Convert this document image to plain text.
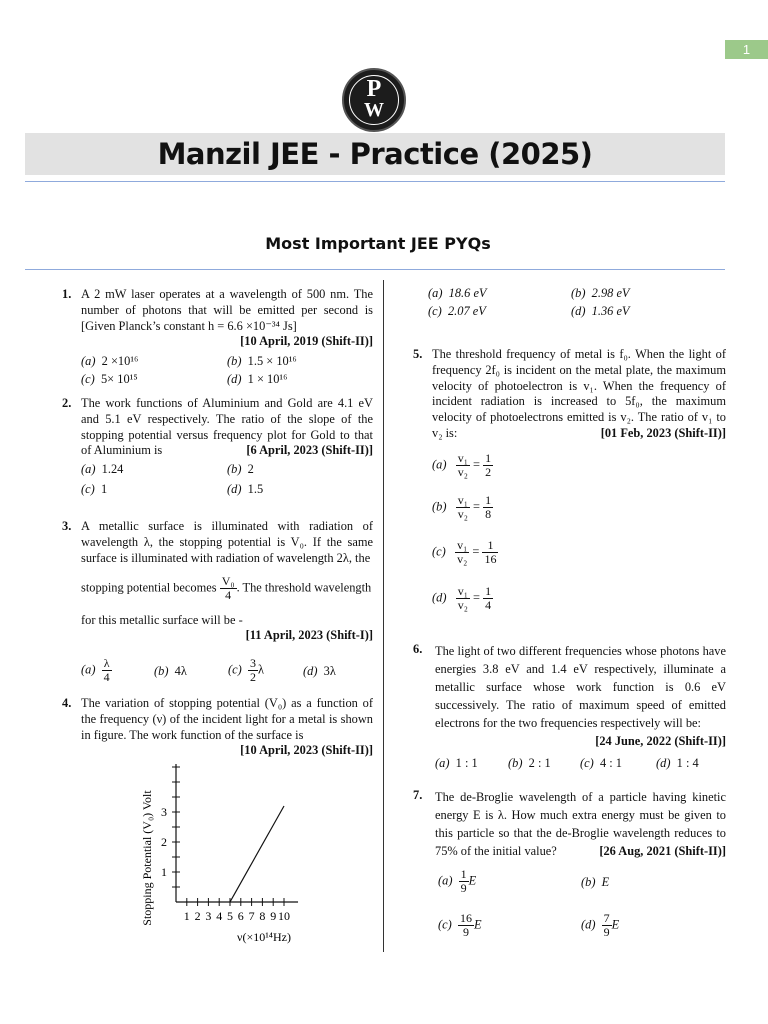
1
P
W
Manzil JEE - Practice (2025)
Most Important JEE PYQs
1. A 2 mW laser operates at a wavelength of 500 nm. The number of photons that will be emitted per second is [Given Planck’s constant h = 6.6 ×10⁻³⁴ Js]
[10 April, 2019 (Shift-II)]
(a) 2 ×10¹⁶	(b) 1.5 × 10¹⁶
(c) 5× 10¹⁵	(d) 1 × 10¹⁶
2. The work functions of Aluminium and Gold are 4.1 eV and 5.1 eV respectively. The ratio of the slope of the stopping potential versus frequency plot for Gold to that of Aluminium is	[6 April, 2023 (Shift-II)]
(a) 1.24	(b) 2
(c) 1	(d) 1.5
3. A metallic surface is illuminated with radiation of wavelength λ, the stopping potential is V₀. If the same surface is illuminated with radiation of wavelength 2λ, the
stopping potential becomes $\frac{\text{V₀}}{4}$ . The threshold wavelength
for this metallic surface will be -
[11 April, 2023 (Shift-I)]
$(a) \frac{\lambda}{4}$	(b) 4λ	$(c) \frac{3}{2}$ λ	(d) 3λ
4. The variation of stopping potential (V₀) as a function of the frequency (ν) of the incident light for a metal is shown in figure. The work function of the surface is
[10 April, 2023 (Shift-II)]
3
2
1
1 2 3 4 5 6 7 8 9 10
Stopping Potential (V₀) Volt
ν(×10¹⁴Hz)
(a) 18.6 eV	(b) 2.98 eV
(c) 2.07 eV	(d) 1.36 eV
5. The threshold frequency of metal is f₀. When the light of frequency 2f₀ is incident on the metal plate, the maximum velocity of photoelectron is v₁. When the frequency of incident radiation is increased to 5f₀, the maximum velocity of photoelectrons emitted is v₂. The ratio of v₁ to v₂ is:	[01 Feb, 2023 (Shift-II)]
$(a) \frac{\text{v₁}}{\text{v₂}} = \frac{1}{2}$
$(b) \frac{\text{v₁}}{\text{v₂}} = \frac{1}{8}$
$(c) \frac{\text{v₁}}{\text{v₂}} = \frac{1}{16}$
$(d) \frac{\text{v₁}}{\text{v₂}} = \frac{1}{4}$
6. The light of two different frequencies whose photons have energies 3.8 eV and 1.4 eV respectively, illuminate a metallic surface whose work function is 0.6 eV successively. The ratio of maximum speed of emitted electrons for the two frequencies respectively will be:
[24 June, 2022 (Shift-II)]
(a) 1 : 1 (b) 2 : 1 (c) 4 : 1	(d) 1 : 4
7. The de-Broglie wavelength of a particle having kinetic energy E is λ. How much extra energy must be given to this particle so that the de-Broglie wavelength reduces to 75% of the initial value?	[26 Aug, 2021 (Shift-II)]
$(a) \frac{1}{9}$ E	(b) E
$(c) \frac{16}{9}$ E	$(d) \frac{7}{9}$ E
